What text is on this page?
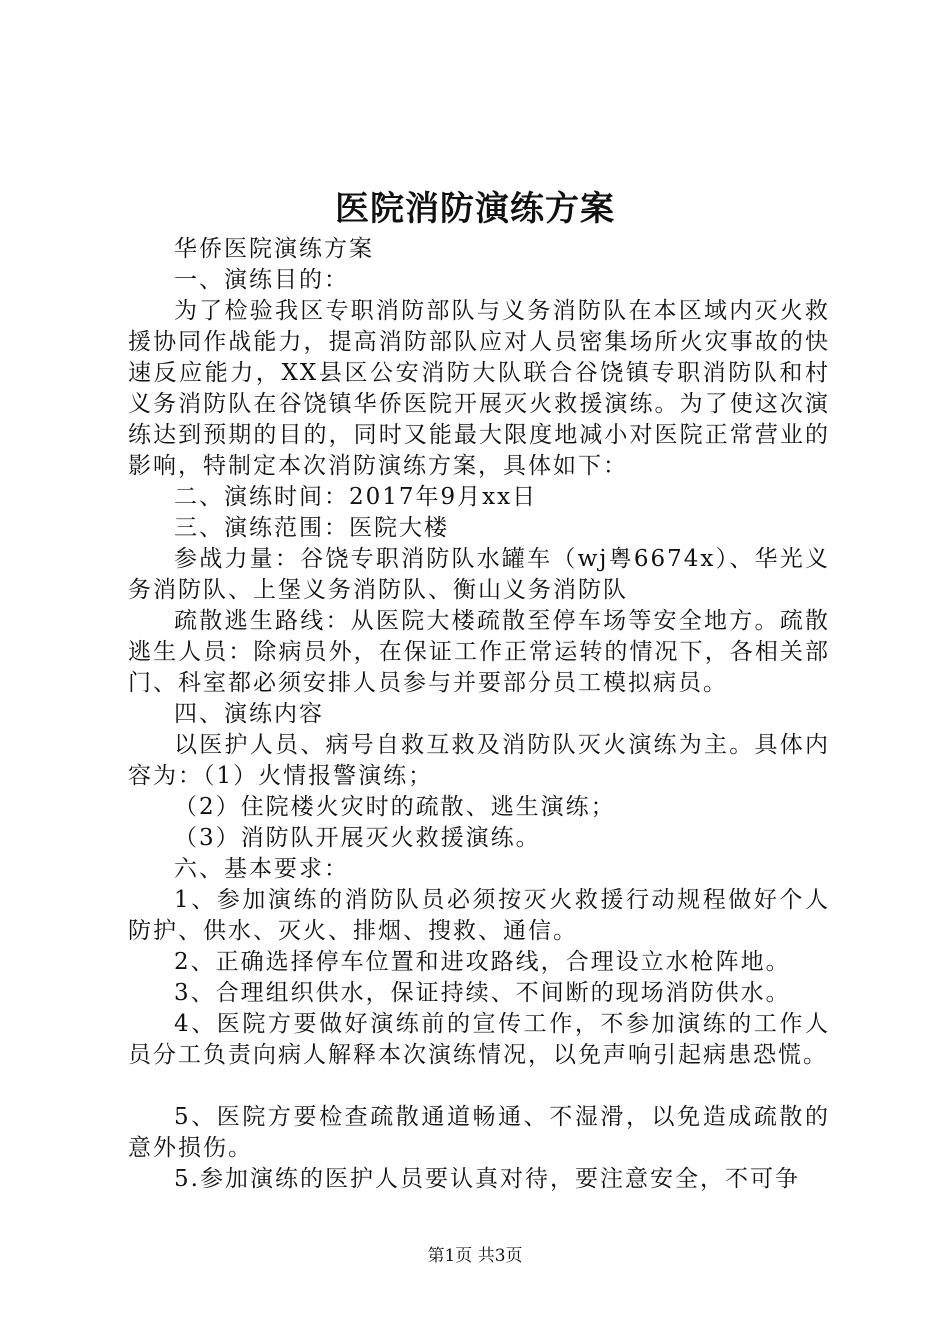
医院消防演练方案

华侨医院演练方案

一、演练目的：

为了检验我区专职消防部队与义务消防队在本区域内灭火救援协同作战能力，提高消防部队应对人员密集场所火灾事故的快速反应能力，XX县区公安消防大队联合谷饶镇专职消防队和村义务消防队在谷饶镇华侨医院开展灭火救援演练。为了使这次演练达到预期的目的，同时又能最大限度地减小对医院正常营业的影响，特制定本次消防演练方案，具体如下：

二、演练时间：2017年9月xx日

三、演练范围：医院大楼

参战力量：谷饶专职消防队水罐车（wj粤6674x）、华光义务消防队、上堡义务消防队、衡山义务消防队

疏散逃生路线：从医院大楼疏散至停车场等安全地方。疏散逃生人员：除病员外，在保证工作正常运转的情况下，各相关部门、科室都必须安排人员参与并要部分员工模拟病员。

四、演练内容

以医护人员、病号自救互救及消防队灭火演练为主。具体内容为：（1）火情报警演练；

（2）住院楼火灾时的疏散、逃生演练；

（3）消防队开展灭火救援演练。

六、基本要求：

1、参加演练的消防队员必须按灭火救援行动规程做好个人防护、供水、灭火、排烟、搜救、通信。

2、正确选择停车位置和进攻路线，合理设立水枪阵地。

3、合理组织供水，保证持续、不间断的现场消防供水。

4、医院方要做好演练前的宣传工作，不参加演练的工作人员分工负责向病人解释本次演练情况，以免声响引起病患恐慌。

5、医院方要检查疏散通道畅通、不湿滑，以免造成疏散的意外损伤。

5.参加演练的医护人员要认真对待，要注意安全，不可争

第1页 共3页
